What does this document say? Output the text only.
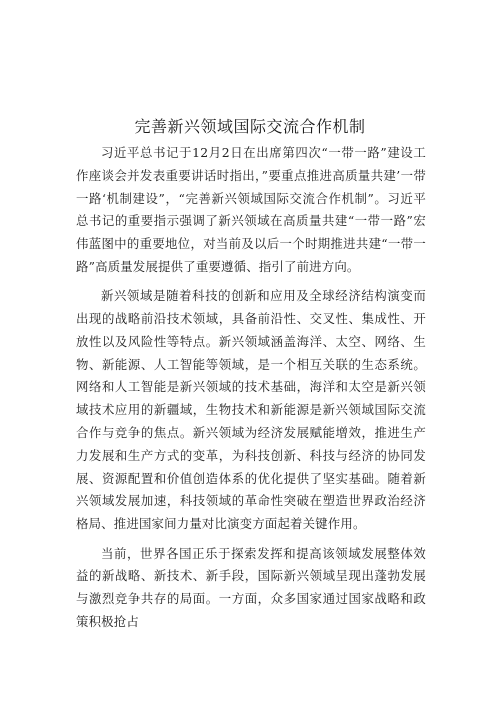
完善新兴领域国际交流合作机制

习近平总书记于12月2日在出席第四次“一带一路”建设工作座谈会并发表重要讲话时指出，”要重点推进高质量共建’一带一路‘机制建设”，“完善新兴领域国际交流合作机制”。习近平总书记的重要指示强调了新兴领域在高质量共建“一带一路”宏伟蓝图中的重要地位，对当前及以后一个时期推进共建“一带一路”高质量发展提供了重要遵循、指引了前进方向。

新兴领域是随着科技的创新和应用及全球经济结构演变而出现的战略前沿技术领域，具备前沿性、交叉性、集成性、开放性以及风险性等特点。新兴领域涵盖海洋、太空、网络、生物、新能源、人工智能等领域，是一个相互关联的生态系统。网络和人工智能是新兴领域的技术基础，海洋和太空是新兴领域技术应用的新疆域，生物技术和新能源是新兴领域国际交流合作与竞争的焦点。新兴领域为经济发展赋能增效，推进生产力发展和生产方式的变革，为科技创新、科技与经济的协同发展、资源配置和价值创造体系的优化提供了坚实基础。随着新兴领域发展加速，科技领域的革命性突破在塑造世界政治经济格局、推进国家间力量对比演变方面起着关键作用。

当前，世界各国正乐于探索发挥和提高该领域发展整体效益的新战略、新技术、新手段，国际新兴领域呈现出蓬勃发展与激烈竞争共存的局面。一方面，众多国家通过国家战略和政策积极抢占
